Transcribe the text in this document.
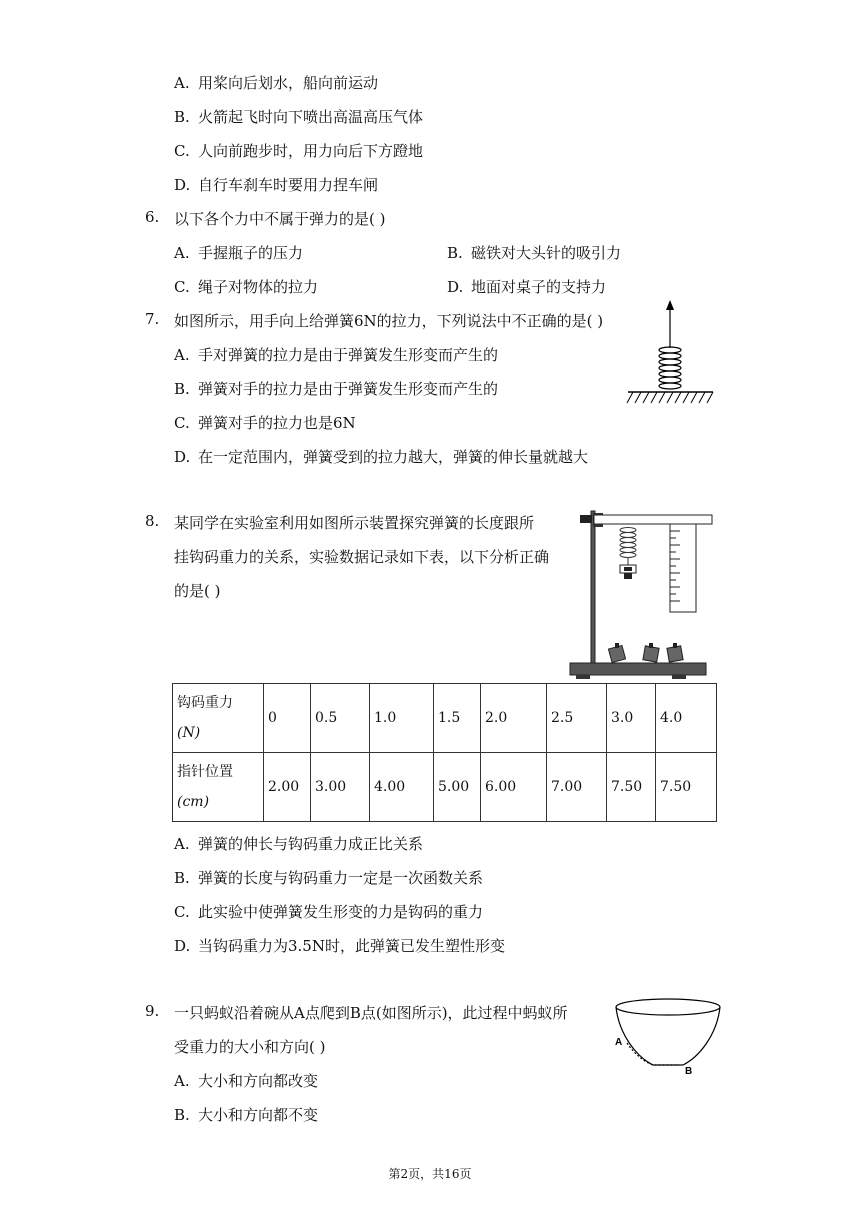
A. 用桨向后划水，船向前运动
B. 火箭起飞时向下喷出高温高压气体
C. 人向前跑步时，用力向后下方蹬地
D. 自行车刹车时要用力捏车闸
6. 以下各个力中不属于弹力的是( )
A. 手握瓶子的压力	B. 磁铁对大头针的吸引力
C. 绳子对物体的拉力	D. 地面对桌子的支持力
7. 如图所示，用手向上给弹簧6N的拉力，下列说法中不正确的是( )
A. 手对弹簧的拉力是由于弹簧发生形变而产生的
B. 弹簧对手的拉力是由于弹簧发生形变而产生的
C. 弹簧对手的拉力也是6N
D. 在一定范围内，弹簧受到的拉力越大，弹簧的伸长量就越大
8. 某同学在实验室利用如图所示装置探究弹簧的长度跟所
挂钩码重力的关系，实验数据记录如下表，以下分析正确
的是( )
钩码重力
(N)	0	0.5	1.0	1.5	2.0	2.5	3.0	4.0

指针位置
(cm)	2.00	3.00	4.00	5.00	6.00	7.00	7.50	7.50
A. 弹簧的伸长与钩码重力成正比关系
B. 弹簧的长度与钩码重力一定是一次函数关系
C. 此实验中使弹簧发生形变的力是钩码的重力
D. 当钩码重力为3.5N时，此弹簧已发生塑性形变
9. 一只蚂蚁沿着碗从A点爬到B点(如图所示)，此过程中蚂蚁所
受重力的大小和方向( )
A. 大小和方向都改变
B. 大小和方向都不变
A
B
第2页，共16页
